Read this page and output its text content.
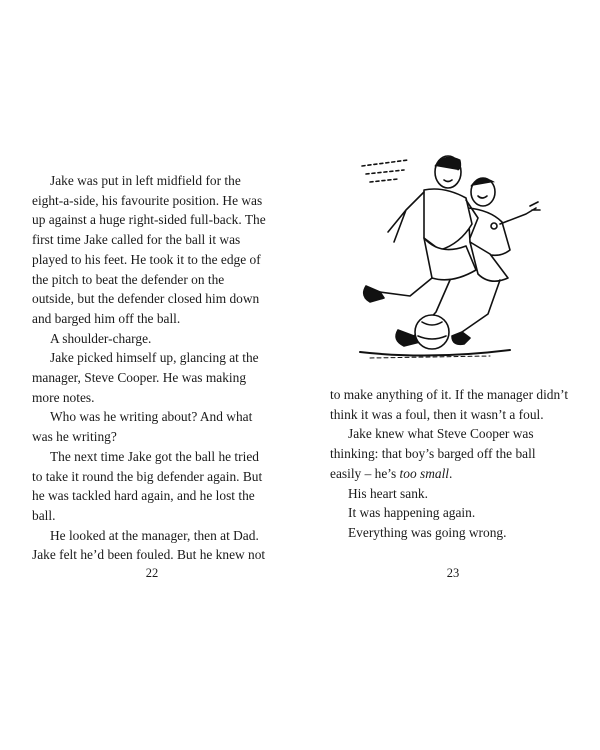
Jake was put in left midfield for the eight-a-side, his favourite position. He was up against a huge right-sided full-back. The first time Jake called for the ball it was played to his feet. He took it to the edge of the pitch to beat the defender on the outside, but the defender closed him down and barged him off the ball.

A shoulder-charge.

Jake picked himself up, glancing at the manager, Steve Cooper. He was making more notes.

Who was he writing about? And what was he writing?

The next time Jake got the ball he tried to take it round the big defender again. But he was tackled hard again, and he lost the ball.

He looked at the manager, then at Dad. Jake felt he’d been fouled. But he knew not

22

to make anything of it. If the manager didn’t think it was a foul, then it wasn’t a foul.

Jake knew what Steve Cooper was thinking: that boy’s barged off the ball easily – he’s too small.

His heart sank.

It was happening again.

Everything was going wrong.

23
